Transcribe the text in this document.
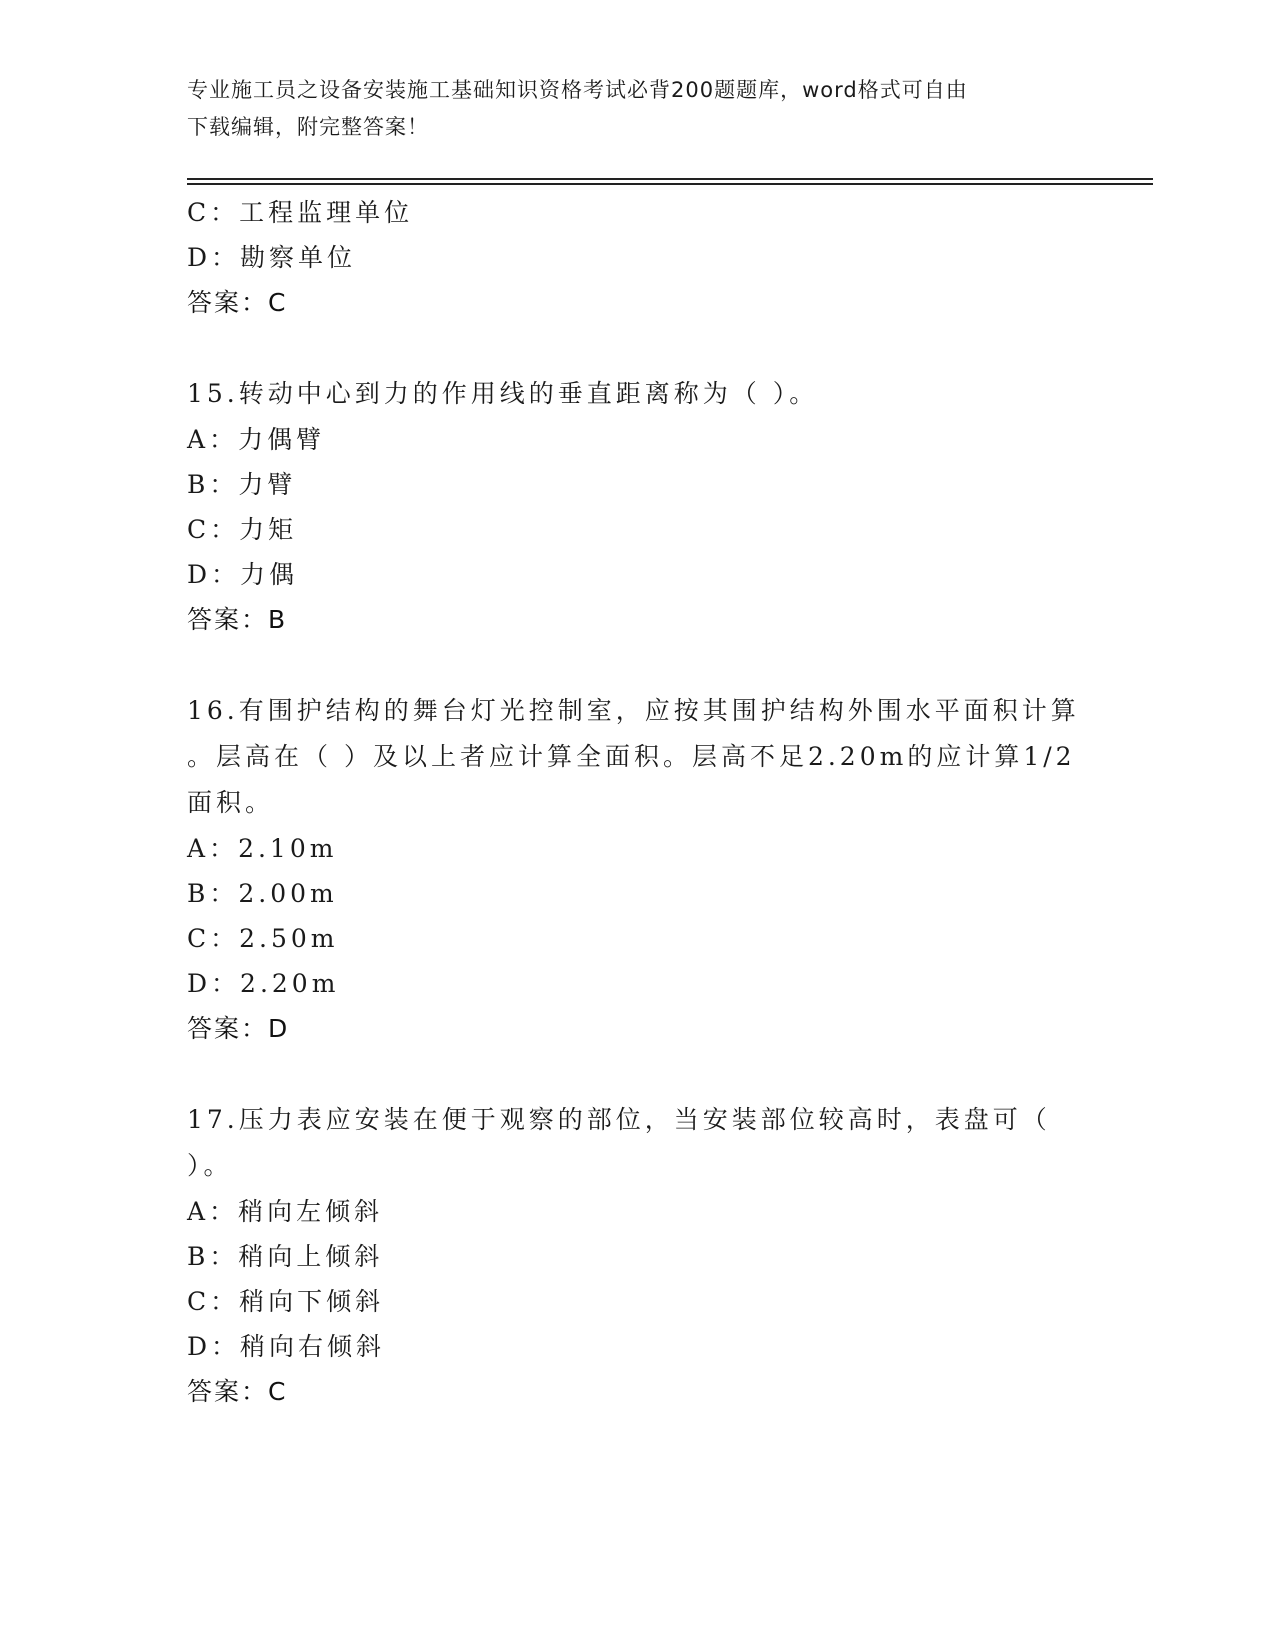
专业施工员之设备安装施工基础知识资格考试必背200题题库，word格式可自由
下载编辑，附完整答案！
C：工程监理单位
D：勘察单位
答案：C
15.转动中心到力的作用线的垂直距离称为（ ）。
A：力偶臂
B：力臂
C：力矩
D：力偶
答案：B
16.有围护结构的舞台灯光控制室，应按其围护结构外围水平面积计算
。层高在（ ）及以上者应计算全面积。层高不足2.20m的应计算1/2
面积。
A：2.10m
B：2.00m
C：2.50m
D：2.20m
答案：D
17.压力表应安装在便于观察的部位，当安装部位较高时，表盘可（
）。
A：稍向左倾斜
B：稍向上倾斜
C：稍向下倾斜
D：稍向右倾斜
答案：C
